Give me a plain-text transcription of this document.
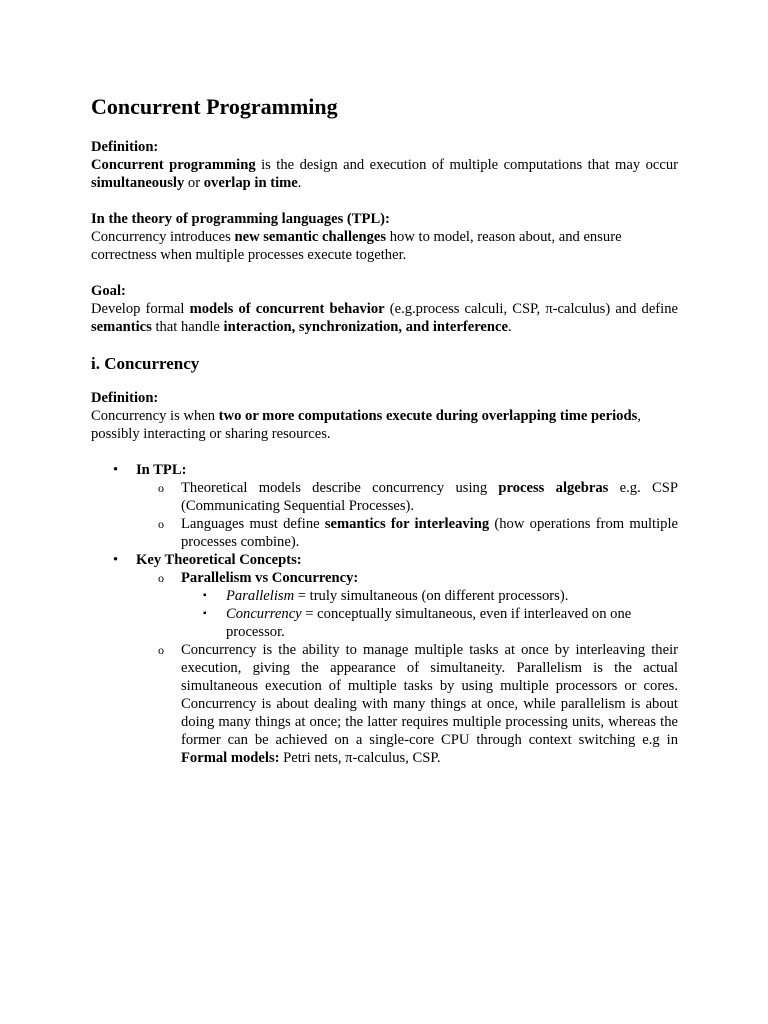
Concurrent Programming

Definition:

Concurrent programming is the design and execution of multiple computations that may occur simultaneously or overlap in time.

In the theory of programming languages (TPL):

Concurrency introduces new semantic challenges how to model, reason about, and ensure correctness when multiple processes execute together.

Goal:

Develop formal models of concurrent behavior (e.g.process calculi, CSP, π-calculus) and define semantics that handle interaction, synchronization, and interference.

i. Concurrency

Definition:

Concurrency is when two or more computations execute during overlapping time periods, possibly interacting or sharing resources.

• In TPL:
o Theoretical models describe concurrency using process algebras e.g. CSP (Communicating Sequential Processes).
o Languages must define semantics for interleaving (how operations from multiple processes combine).
• Key Theoretical Concepts:
o Parallelism vs Concurrency:
▪ Parallelism = truly simultaneous (on different processors).
▪ Concurrency = conceptually simultaneous, even if interleaved on one processor.
o Concurrency is the ability to manage multiple tasks at once by interleaving their execution, giving the appearance of simultaneity. Parallelism is the actual simultaneous execution of multiple tasks by using multiple processors or cores. Concurrency is about dealing with many things at once, while parallelism is about doing many things at once; the latter requires multiple processing units, whereas the former can be achieved on a single-core CPU through context switching e.g in Formal models: Petri nets, π-calculus, CSP.
